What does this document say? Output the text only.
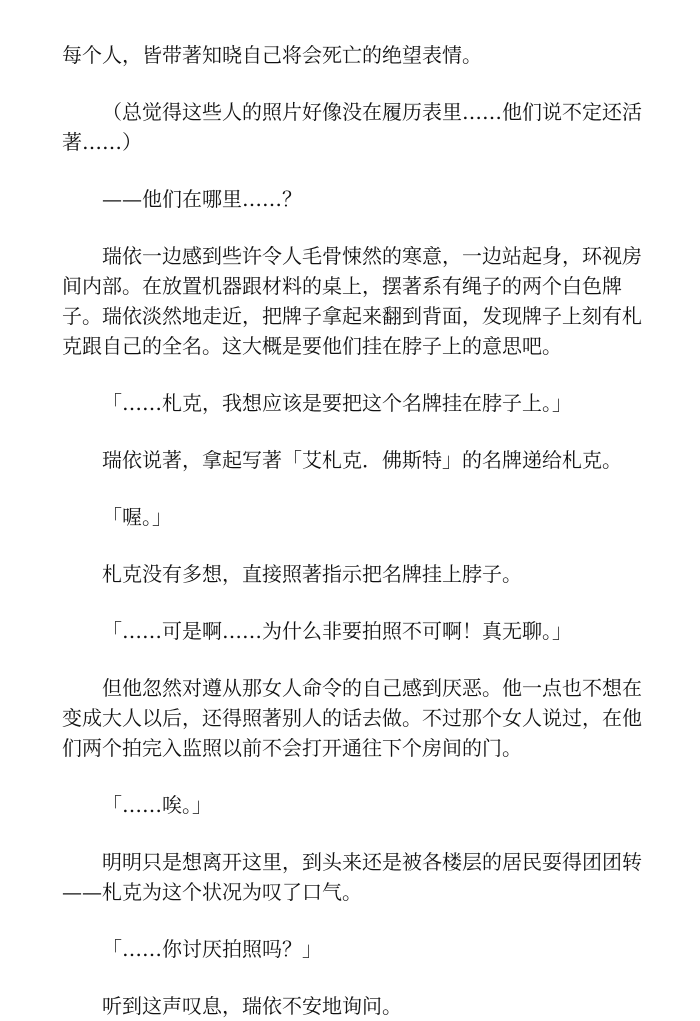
每个人，皆带著知晓自己将会死亡的绝望表情。

（总觉得这些人的照片好像没在履历表里……他们说不定还活著……）

——他们在哪里……？

瑞依一边感到些许令人毛骨悚然的寒意，一边站起身，环视房间内部。在放置机器跟材料的桌上，摆著系有绳子的两个白色牌子。瑞依淡然地走近，把牌子拿起来翻到背面，发现牌子上刻有札克跟自己的全名。这大概是要他们挂在脖子上的意思吧。

「……札克，我想应该是要把这个名牌挂在脖子上。」

瑞依说著，拿起写著「艾札克．佛斯特」的名牌递给札克。

「喔。」

札克没有多想，直接照著指示把名牌挂上脖子。

「……可是啊……为什么非要拍照不可啊！真无聊。」

但他忽然对遵从那女人命令的自己感到厌恶。他一点也不想在变成大人以后，还得照著别人的话去做。不过那个女人说过，在他们两个拍完入监照以前不会打开通往下个房间的门。

「……唉。」

明明只是想离开这里，到头来还是被各楼层的居民耍得团团转——札克为这个状况为叹了口气。

「……你讨厌拍照吗？」

听到这声叹息，瑞依不安地询问。
